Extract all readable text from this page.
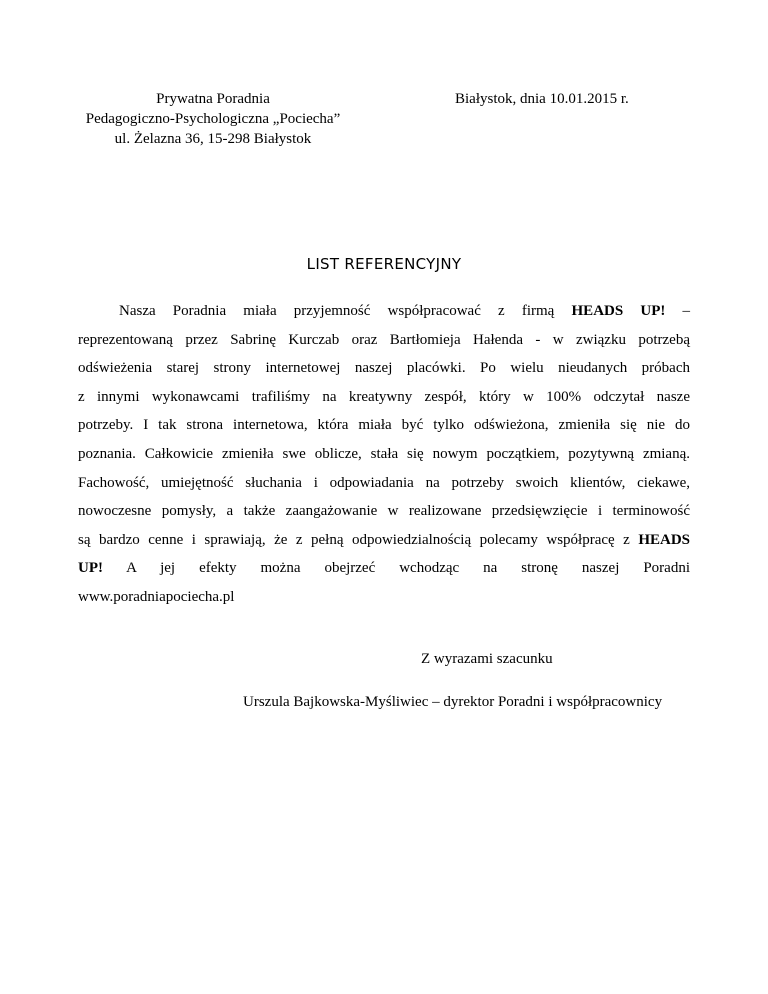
Prywatna Poradnia
Pedagogiczno-Psychologiczna „Pociecha”
ul. Żelazna 36, 15-298 Białystok
Białystok, dnia 10.01.2015 r.
LIST REFERENCYJNY
Nasza Poradnia miała przyjemność współpracować z firmą HEADS UP! –
reprezentowaną przez Sabrinę Kurczab oraz Bartłomieja Hałenda - w związku potrzebą
odświeżenia starej strony internetowej naszej placówki. Po wielu nieudanych próbach
z innymi wykonawcami trafiliśmy na kreatywny zespół, który w 100% odczytał nasze
potrzeby. I tak strona internetowa, która miała być tylko odświeżona, zmieniła się nie do
poznania. Całkowicie zmieniła swe oblicze, stała się nowym początkiem, pozytywną zmianą.
Fachowość, umiejętność słuchania i odpowiadania na potrzeby swoich klientów, ciekawe,
nowoczesne pomysły, a także zaangażowanie w realizowane przedsięwzięcie i terminowość
są bardzo cenne i sprawiają, że z pełną odpowiedzialnością polecamy współpracę z HEADS
UP! A jej efekty można obejrzeć wchodząc na stronę naszej Poradni
www.poradniapociecha.pl
Z wyrazami szacunku
Urszula Bajkowska-Myśliwiec – dyrektor Poradni i współpracownicy
